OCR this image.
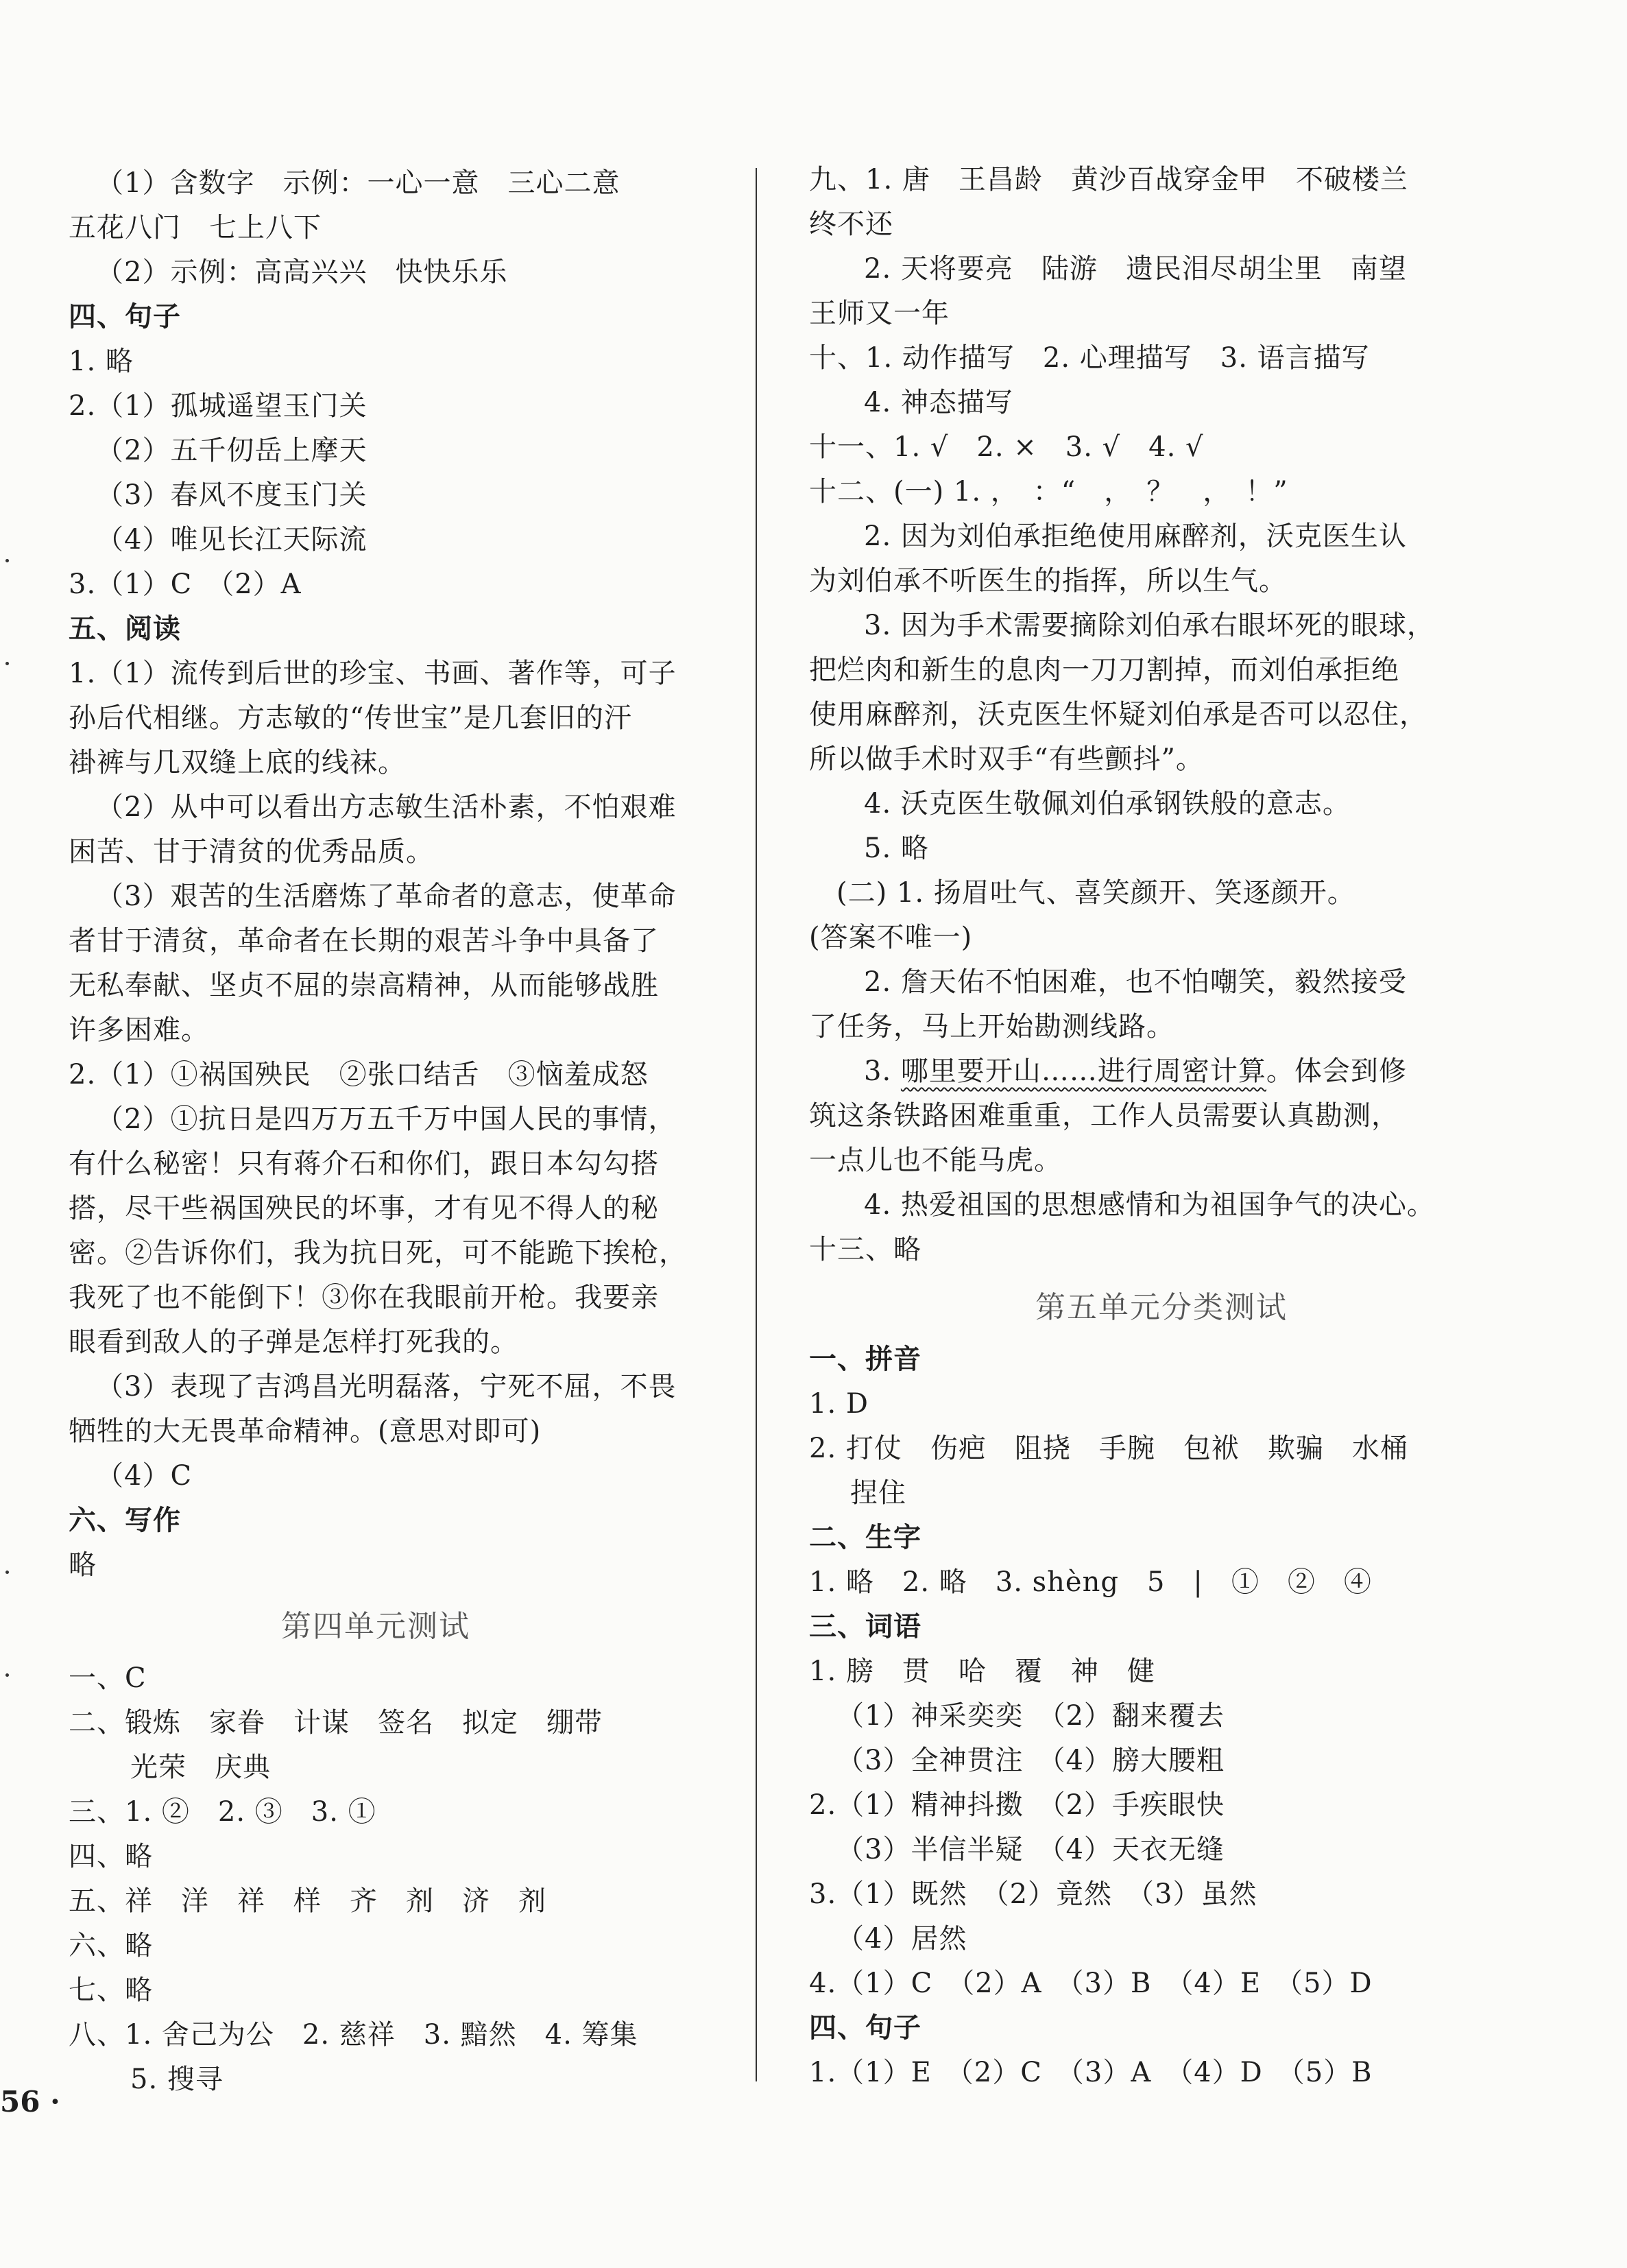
（1）含数字　示例：一心一意　三心二意
五花八门　七上八下
（2）示例：高高兴兴　快快乐乐
四、句子
1. 略
2.（1）孤城遥望玉门关
（2）五千仞岳上摩天
（3）春风不度玉门关
（4）唯见长江天际流
3.（1）C　（2）A
五、阅读
1.（1）流传到后世的珍宝、书画、著作等，可子
孙后代相继。方志敏的“传世宝”是几套旧的汗
褂裤与几双缝上底的线袜。
（2）从中可以看出方志敏生活朴素，不怕艰难
困苦、甘于清贫的优秀品质。
（3）艰苦的生活磨炼了革命者的意志，使革命
者甘于清贫，革命者在长期的艰苦斗争中具备了
无私奉献、坚贞不屈的崇高精神，从而能够战胜
许多困难。
2.（1）①祸国殃民　②张口结舌　③恼羞成怒
（2）①抗日是四万万五千万中国人民的事情，
有什么秘密！只有蒋介石和你们，跟日本勾勾搭
搭，尽干些祸国殃民的坏事，才有见不得人的秘
密。②告诉你们，我为抗日死，可不能跪下挨枪，
我死了也不能倒下！③你在我眼前开枪。我要亲
眼看到敌人的子弹是怎样打死我的。
（3）表现了吉鸿昌光明磊落，宁死不屈，不畏
牺牲的大无畏革命精神。(意思对即可)
（4）C
六、写作
略
第四单元测试
一、C
二、锻炼　家眷　计谋　签名　拟定　绷带
光荣　庆典
三、1. ②　2. ③　3. ①
四、略
五、祥　洋　祥　样　齐　剂　济　剂
六、略
七、略
八、1. 舍己为公　2. 慈祥　3. 黯然　4. 筹集
5. 搜寻
九、1. 唐　王昌龄　黄沙百战穿金甲　不破楼兰
终不还
2. 天将要亮　陆游　遗民泪尽胡尘里　南望
王师又一年
十、1. 动作描写　2. 心理描写　3. 语言描写
4. 神态描写
十一、1. √　2. ×　3. √　4. √
十二、(一) 1. ，　：“　，　？　，　！”
2. 因为刘伯承拒绝使用麻醉剂，沃克医生认
为刘伯承不听医生的指挥，所以生气。
3. 因为手术需要摘除刘伯承右眼坏死的眼球，
把烂肉和新生的息肉一刀刀割掉，而刘伯承拒绝
使用麻醉剂，沃克医生怀疑刘伯承是否可以忍住，
所以做手术时双手“有些颤抖”。
4. 沃克医生敬佩刘伯承钢铁般的意志。
5. 略
(二) 1. 扬眉吐气、喜笑颜开、笑逐颜开。
(答案不唯一)
2. 詹天佑不怕困难，也不怕嘲笑，毅然接受
了任务，马上开始勘测线路。
3. 哪里要开山……进行周密计算。体会到修
筑这条铁路困难重重，工作人员需要认真勘测，
一点儿也不能马虎。
4. 热爱祖国的思想感情和为祖国争气的决心。
十三、略
第五单元分类测试
一、拼音
1. D
2. 打仗　伤疤　阻挠　手腕　包袱　欺骗　水桶
捏住
二、生字
1. 略　2. 略　3. shèng　5　|　①　②　④
三、词语
1. 膀　贯　哈　覆　神　健
（1）神采奕奕　（2）翻来覆去
（3）全神贯注　（4）膀大腰粗
2.（1）精神抖擞　（2）手疾眼快
（3）半信半疑　（4）天衣无缝
3.（1）既然　（2）竟然　（3）虽然
（4）居然
4.（1）C　（2）A　（3）B　（4）E　（5）D
四、句子
1.（1）E　（2）C　（3）A　（4）D　（5）B
56 ·
